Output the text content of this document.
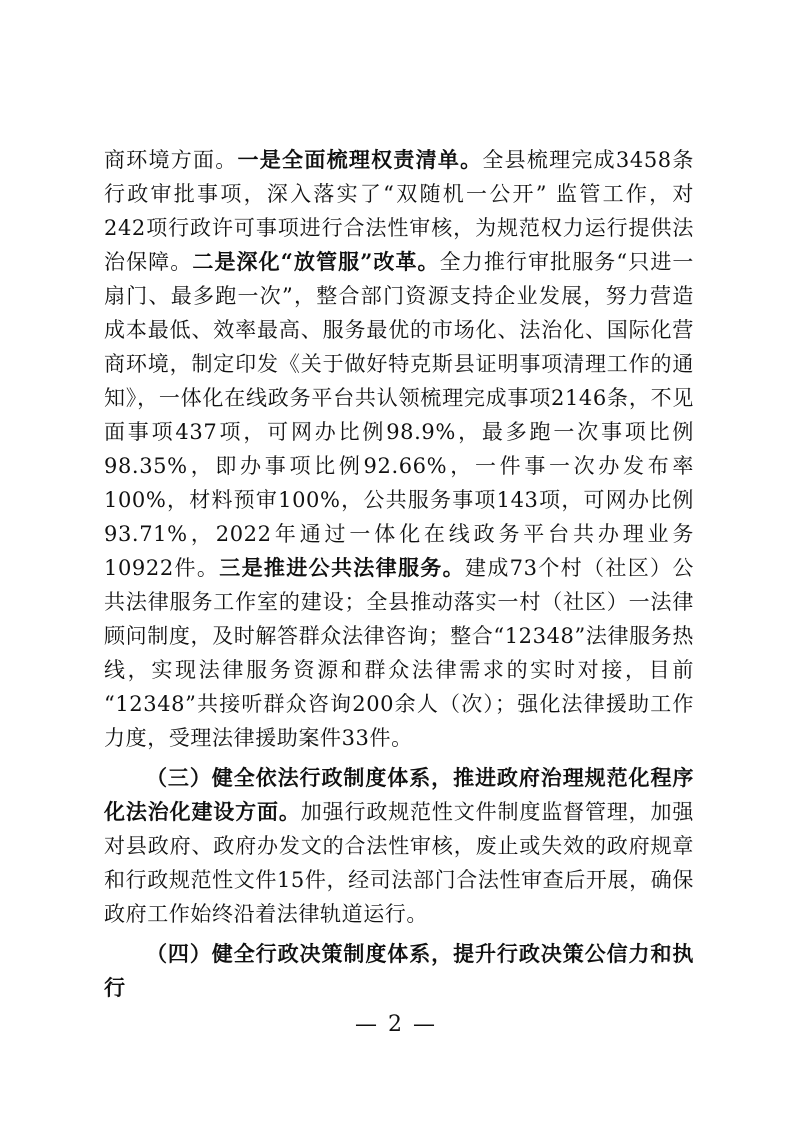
商环境方面。一是全面梳理权责清单。全县梳理完成3458条行政审批事项，深入落实了“双随机一公开” 监管工作，对242项行政许可事项进行合法性审核，为规范权力运行提供法治保障。二是深化“放管服”改革。全力推行审批服务“只进一扇门、最多跑一次”，整合部门资源支持企业发展，努力营造成本最低、效率最高、服务最优的市场化、法治化、国际化营商环境，制定印发《关于做好特克斯县证明事项清理工作的通知》，一体化在线政务平台共认领梳理完成事项2146条，不见面事项437项，可网办比例98.9%，最多跑一次事项比例98.35%，即办事项比例92.66%，一件事一次办发布率100%，材料预审100%，公共服务事项143项，可网办比例93.71%，2022年通过一体化在线政务平台共办理业务10922件。三是推进公共法律服务。建成73个村（社区）公共法律服务工作室的建设；全县推动落实一村（社区）一法律顾问制度，及时解答群众法律咨询；整合“12348”法律服务热线，实现法律服务资源和群众法律需求的实时对接，目前 “12348”共接听群众咨询200余人（次）；强化法律援助工作力度，受理法律援助案件33件。

（三）健全依法行政制度体系，推进政府治理规范化程序化法治化建设方面。加强行政规范性文件制度监督管理，加强对县政府、政府办发文的合法性审核，废止或失效的政府规章和行政规范性文件15件，经司法部门合法性审查后开展，确保政府工作始终沿着法律轨道运行。

（四）健全行政决策制度体系，提升行政决策公信力和执行

— 2 —
